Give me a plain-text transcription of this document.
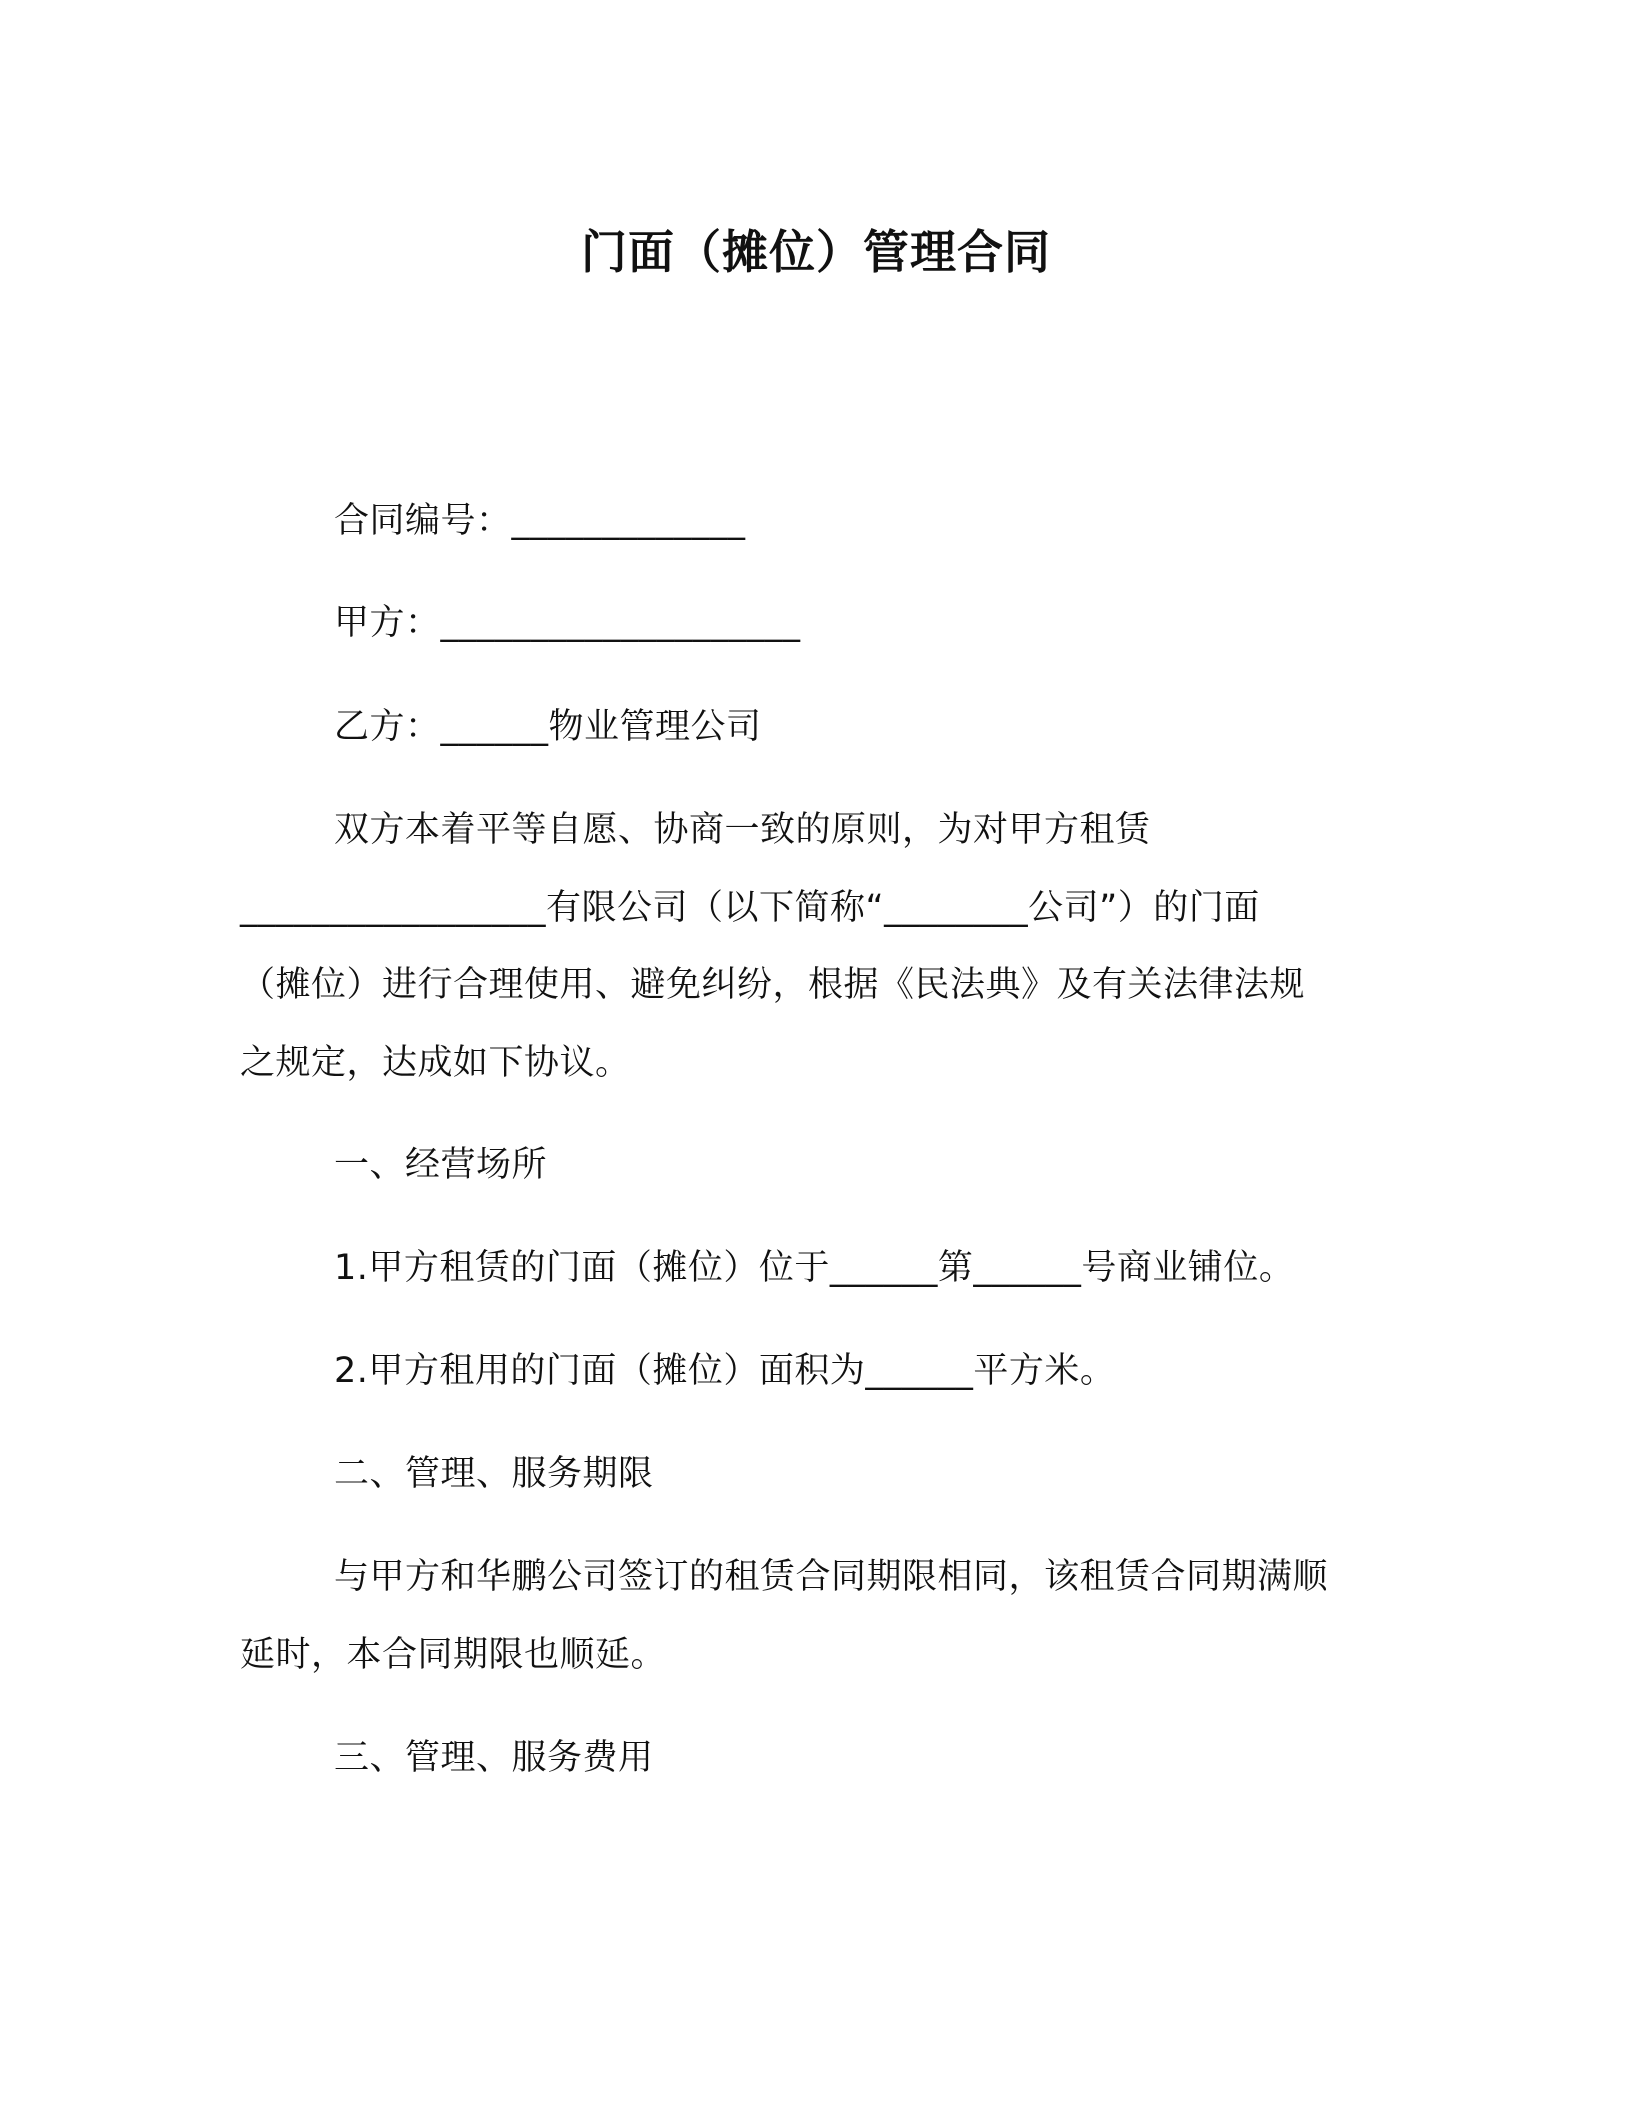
门面（摊位）管理合同
合同编号：_____________
甲方：____________________
乙方：______物业管理公司
双方本着平等自愿、协商一致的原则，为对甲方租赁
_________________有限公司（以下简称“________公司”）的门面
（摊位）进行合理使用、避免纠纷，根据《民法典》及有关法律法规
之规定，达成如下协议。
一、经营场所
1.甲方租赁的门面（摊位）位于______第______号商业铺位。
2.甲方租用的门面（摊位）面积为______平方米。
二、管理、服务期限
与甲方和华鹏公司签订的租赁合同期限相同，该租赁合同期满顺
延时，本合同期限也顺延。
三、管理、服务费用
